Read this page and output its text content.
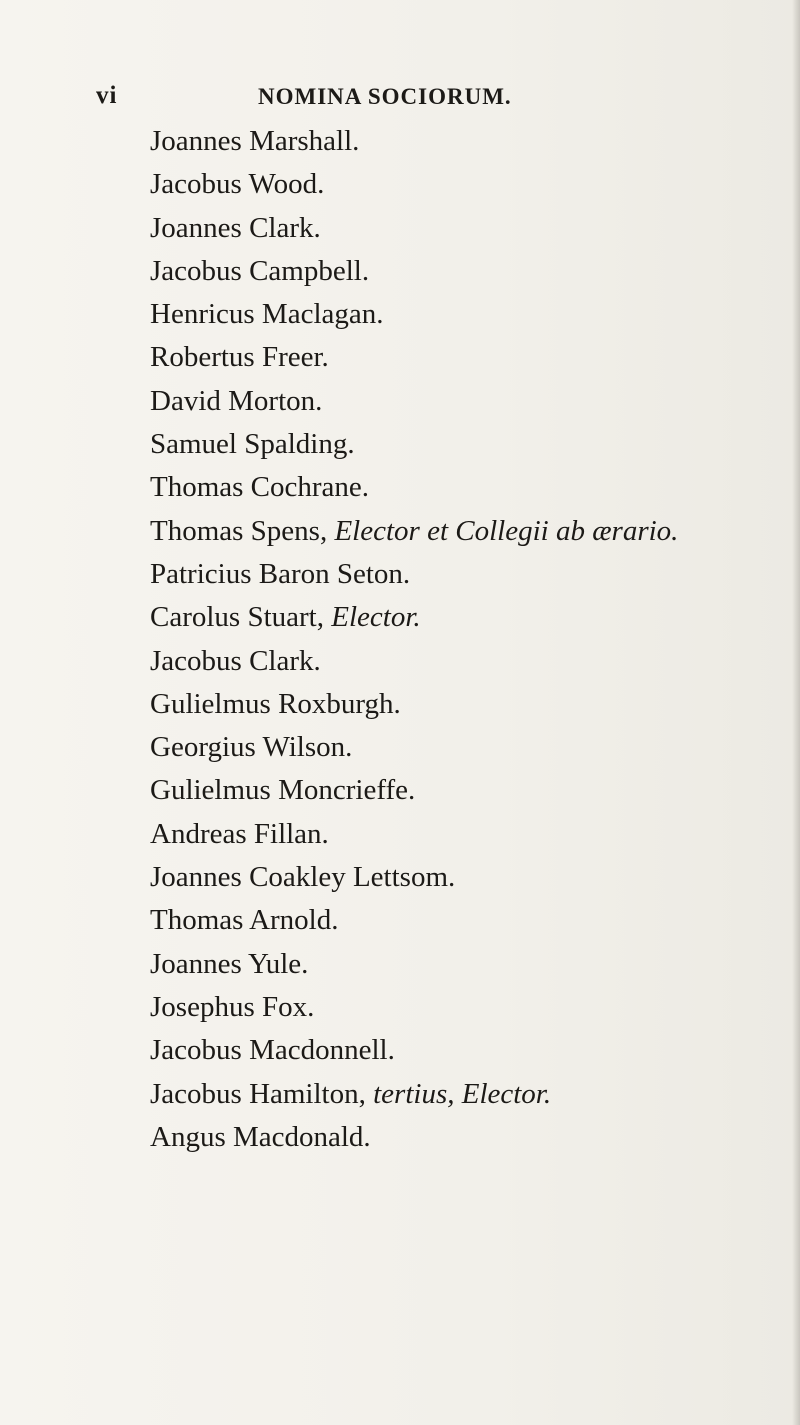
vi	NOMINA SOCIORUM.
Joannes Marshall.
Jacobus Wood.
Joannes Clark.
Jacobus Campbell.
Henricus Maclagan.
Robertus Freer.
David Morton.
Samuel Spalding.
Thomas Cochrane.
Thomas Spens, Elector et Collegii ab ærario.
Patricius Baron Seton.
Carolus Stuart, Elector.
Jacobus Clark.
Gulielmus Roxburgh.
Georgius Wilson.
Gulielmus Moncrieffe.
Andreas Fillan.
Joannes Coakley Lettsom.
Thomas Arnold.
Joannes Yule.
Josephus Fox.
Jacobus Macdonnell.
Jacobus Hamilton, tertius, Elector.
Angus Macdonald.
